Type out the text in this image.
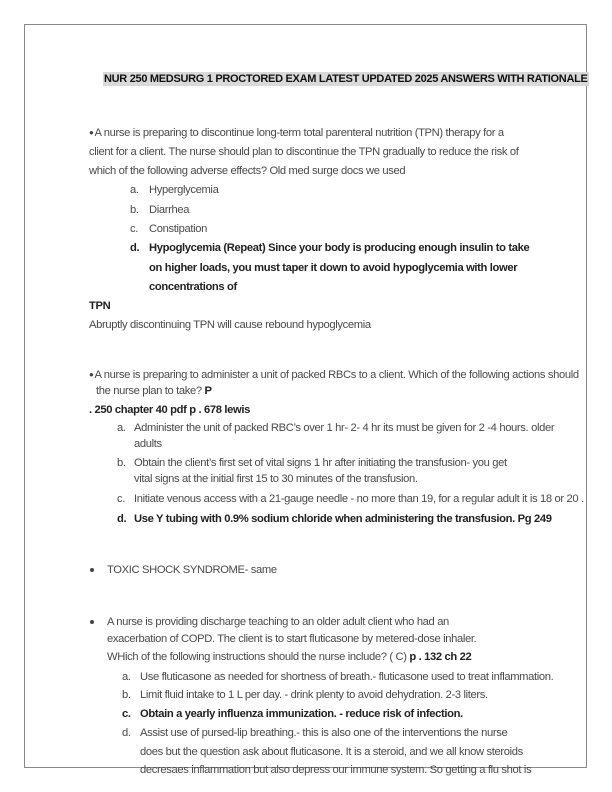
NUR 250 MEDSURG 1 PROCTORED EXAM LATEST UPDATED 2025 ANSWERS WITH RATIONALE
●A nurse is preparing to discontinue long-term total parenteral nutrition (TPN) therapy for a
client for a client. The nurse should plan to discontinue the TPN gradually to reduce the risk of
which of the following adverse effects? Old med surge docs we used
a. Hyperglycemia
b. Diarrhea
c. Constipation
d. Hypoglycemia (Repeat) Since your body is producing enough insulin to take
on higher loads, you must taper it down to avoid hypoglycemia with lower
concentrations of
TPN
Abruptly discontinuing TPN will cause rebound hypoglycemia
●A nurse is preparing to administer a unit of packed RBCs to a client. Which of the following actions should
the nurse plan to take? P
. 250 chapter 40 pdf p . 678 lewis
a. Administer the unit of packed RBC’s over 1 hr- 2- 4 hr its must be given for 2 -4 hours. older
adults
b. Obtain the client’s first set of vital signs 1 hr after initiating the transfusion- you get
vital signs at the initial first 15 to 30 minutes of the transfusion.
c. Initiate venous access with a 21-gauge needle - no more than 19, for a regular adult it is 18 or 20 .
d. Use Y tubing with 0.9% sodium chloride when administering the transfusion. Pg 249
TOXIC SHOCK SYNDROME- same
A nurse is providing discharge teaching to an older adult client who had an
exacerbation of COPD. The client is to start fluticasone by metered-dose inhaler.
WHich of the following instructions should the nurse include? ( C) p . 132 ch 22
a. Use fluticasone as needed for shortness of breath.- fluticasone used to treat inflammation.
b. Limit fluid intake to 1 L per day. - drink plenty to avoid dehydration. 2-3 liters.
c. Obtain a yearly influenza immunization. - reduce risk of infection.
d. Assist use of pursed-lip breathing.- this is also one of the interventions the nurse
does but the question ask about fluticasone. It is a steroid, and we all know steroids
decresaes inflammation but also depress our immune system. So getting a flu shot is
